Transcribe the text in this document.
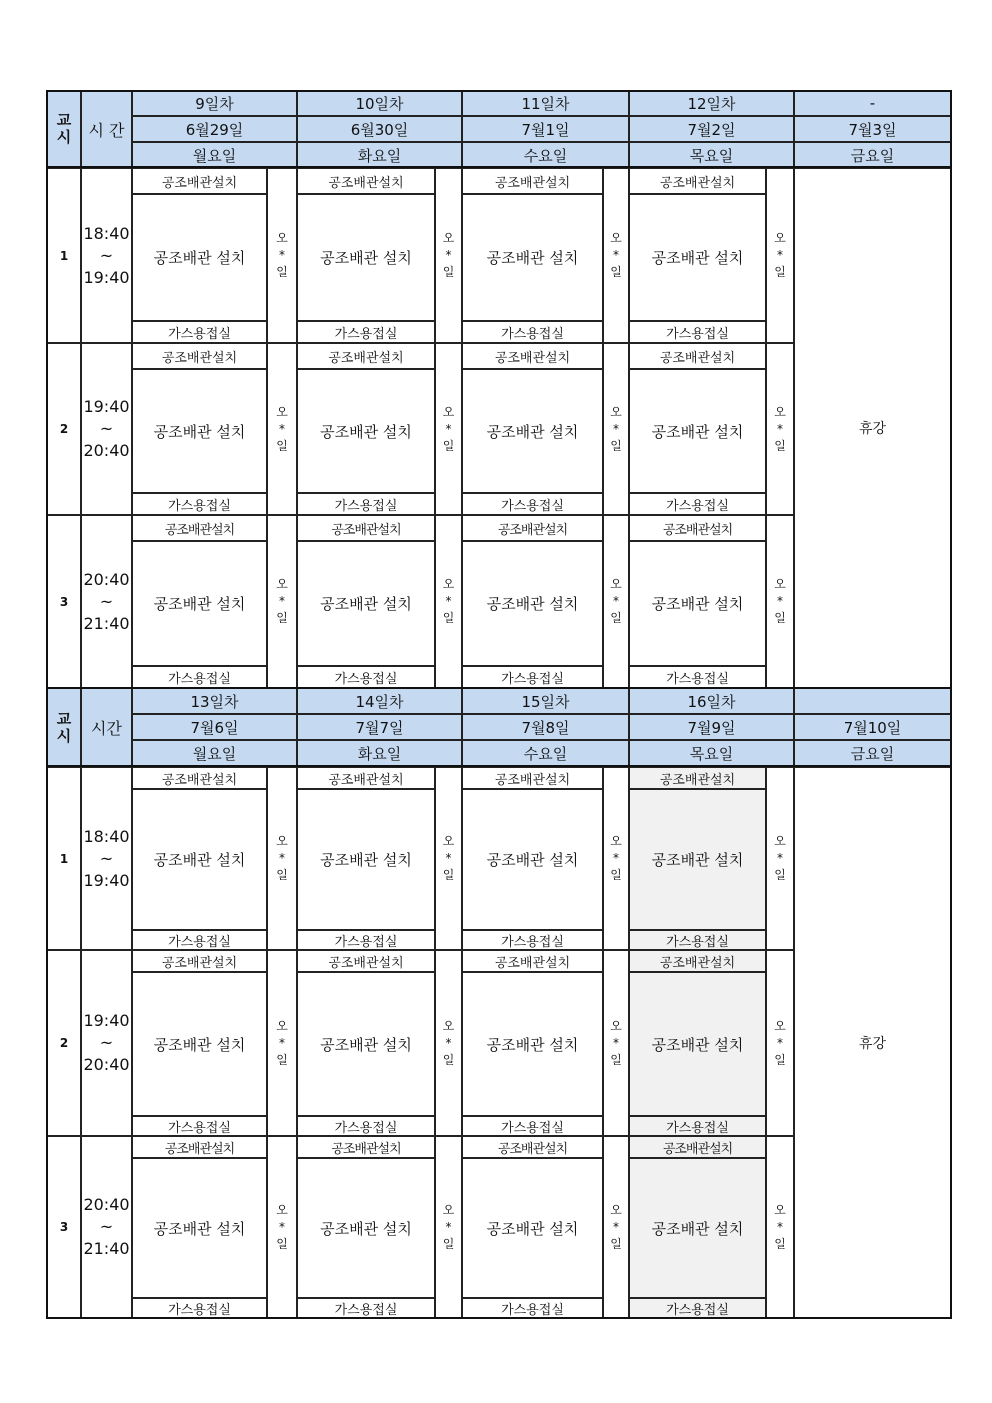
교
시 시 간
9일차
6월29일
월요일
10일차
6월30일
화요일
11일차
7월1일
수요일
12일차
7월2일
목요일
-
7월3일
금요일
1
18:40
~
19:40
공조배관설치
공조배관 설치
가스용접실
오
*
일
공조배관설치
공조배관 설치
가스용접실
오
*
일
공조배관설치
공조배관 설치
가스용접실
오
*
일
공조배관설치
공조배관 설치
가스용접실
오
*
일
2
19:40
~
20:40
공조배관설치
공조배관 설치
가스용접실
오
*
일
공조배관설치
공조배관 설치
가스용접실
오
*
일
공조배관설치
공조배관 설치
가스용접실
오
*
일
공조배관설치
공조배관 설치
가스용접실
오
*
일
3
20:40
~
21:40
공조배관설치
공조배관 설치
가스용접실
오
*
일
공조배관설치
공조배관 설치
가스용접실
오
*
일
공조배관설치
공조배관 설치
가스용접실
오
*
일
공조배관설치
공조배관 설치
가스용접실
오
*
일
휴강
교
시 시간
13일차
7월6일
월요일
14일차
7월7일
화요일
15일차
7월8일
수요일
16일차
7월9일
목요일
7월10일
금요일
1
18:40
~
19:40
공조배관설치
공조배관 설치
가스용접실
오
*
일
공조배관설치
공조배관 설치
가스용접실
오
*
일
공조배관설치
공조배관 설치
가스용접실
오
*
일
공조배관설치
공조배관 설치
가스용접실
오
*
일
2
19:40
~
20:40
공조배관설치
공조배관 설치
가스용접실
오
*
일
공조배관설치
공조배관 설치
가스용접실
오
*
일
공조배관설치
공조배관 설치
가스용접실
오
*
일
공조배관설치
공조배관 설치
가스용접실
오
*
일
3
20:40
~
21:40
공조배관설치
공조배관 설치
가스용접실
오
*
일
공조배관설치
공조배관 설치
가스용접실
오
*
일
공조배관설치
공조배관 설치
가스용접실
오
*
일
공조배관설치
공조배관 설치
가스용접실
오
*
일
휴강
